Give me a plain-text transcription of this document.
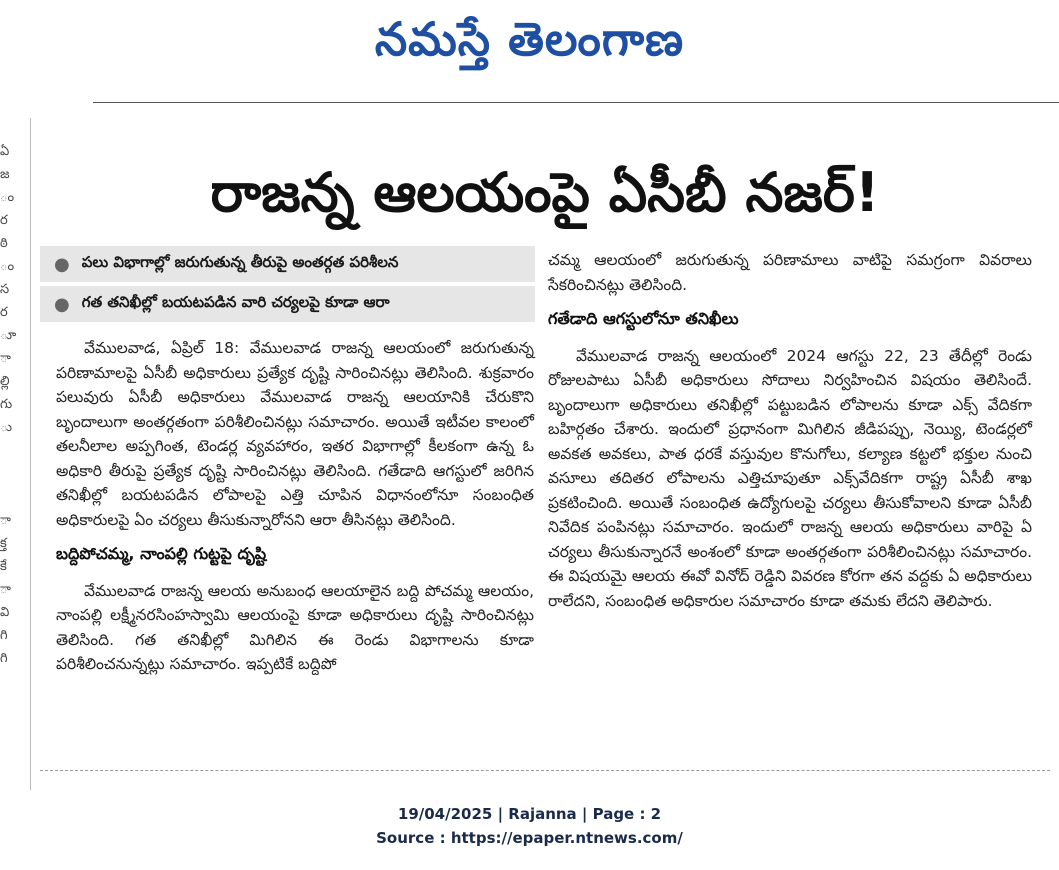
నమస్తే తెలంగాణ
ఏ
జ
ం
ర
ఠి
ం
స
ర
ూ
ా
ల్లి
గు
ు
ా
క్త
కే
ా
వి
గి
గి
రాజన్న ఆలయంపై ఏసీబీ నజర్!
● పలు విభాగాల్లో జరుగుతున్న తీరుపై అంతర్గత పరిశీలన
● గత తనిఖీల్లో బయటపడిన వారి చర్యలపై కూడా ఆరా

వేములవాడ, ఏప్రిల్ 18: వేములవాడ రాజన్న ఆలయంలో జరుగుతున్న పరిణామాలపై ఏసీబీ అధికారులు ప్రత్యేక దృష్టి సారించినట్లు తెలిసింది. శుక్రవారం పలువురు ఏసీబీ అధికారులు వేములవాడ రాజన్న ఆలయానికి చేరుకొని బృందాలుగా అంతర్గతంగా పరిశీలించినట్లు సమాచారం. అయితే ఇటీవల కాలంలో తలనీలాల అప్పగింత, టెండర్ల వ్యవహారం, ఇతర విభాగాల్లో కీలకంగా ఉన్న ఓ అధికారి తీరుపై ప్రత్యేక దృష్టి సారించినట్లు తెలిసింది. గతేడాది ఆగస్టులో జరిగిన తనిఖీల్లో బయటపడిన లోపాలపై ఎత్తి చూపిన విధానంలోనూ సంబంధిత అధికారులపై ఏం చర్యలు తీసుకున్నారోనని ఆరా తీసినట్లు తెలిసింది.

బద్దిపోచమ్మ, నాంపల్లి గుట్టపై దృష్టి

వేములవాడ రాజన్న ఆలయ అనుబంధ ఆలయాలైన బద్ది పోచమ్మ ఆలయం, నాంపల్లి లక్ష్మీనరసింహస్వామి ఆలయంపై కూడా అధికారులు దృష్టి సారించినట్లు తెలిసింది. గత తనిఖీల్లో మిగిలిన ఈ రెండు విభాగాలను కూడా పరిశీలించనున్నట్లు సమాచారం. ఇప్పటికే బద్దిపో

చమ్మ ఆలయంలో జరుగుతున్న పరిణామాలు వాటిపై సమగ్రంగా వివరాలు సేకరించినట్లు తెలిసింది.

గతేడాది ఆగస్టులోనూ తనిఖీలు

వేములవాడ రాజన్న ఆలయంలో 2024 ఆగస్టు 22, 23 తేదీల్లో రెండు రోజులపాటు ఏసీబీ అధికారులు సోదాలు నిర్వహించిన విషయం తెలిసిందే. బృందాలుగా అధికారులు తనిఖీల్లో పట్టుబడిన లోపాలను కూడా ఎక్స్ వేదికగా బహిర్గతం చేశారు. ఇందులో ప్రధానంగా మిగిలిన జీడిపప్పు, నెయ్యి, టెండర్లలో అవకత అవకలు, పాత ధరకే వస్తువుల కొనుగోలు, కల్యాణ కట్టలో భక్తుల నుంచి వసూలు తదితర లోపాలను ఎత్తిచూపుతూ ఎక్స్‌వేదికగా రాష్ట్ర ఏసీబీ శాఖ ప్రకటించింది. అయితే సంబంధిత ఉద్యోగులపై చర్యలు తీసుకోవాలని కూడా ఏసీబీ నివేదిక పంపినట్లు సమాచారం. ఇందులో రాజన్న ఆలయ అధికారులు వారిపై ఏ చర్యలు తీసుకున్నారనే అంశంలో కూడా అంతర్గతంగా పరిశీలించినట్లు సమాచారం. ఈ విషయమై ఆలయ ఈవో వినోద్ రెడ్డిని వివరణ కోరగా తన వద్దకు ఏ అధికారులు రాలేదని, సంబంధిత అధికారుల సమాచారం కూడా తమకు లేదని తెలిపారు.

19/04/2025 | Rajanna | Page : 2
Source : https://epaper.ntnews.com/
